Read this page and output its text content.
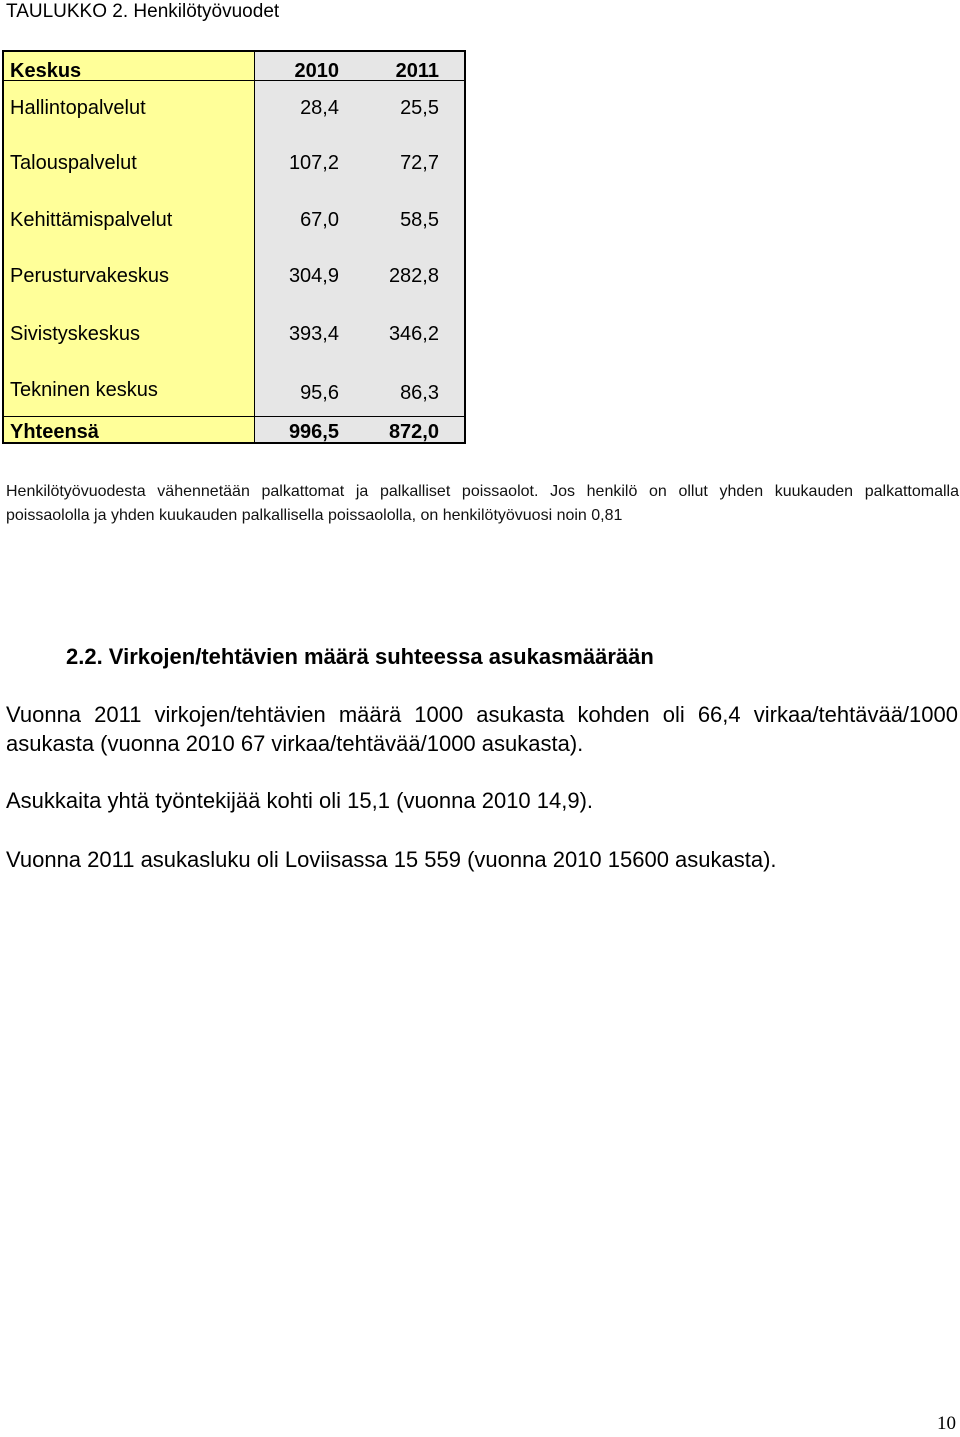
TAULUKKO 2. Henkilötyövuodet
Keskus	2010	2011
Hallintopalvelut	28,4	25,5
Talouspalvelut	107,2	72,7
Kehittämispalvelut	67,0	58,5
Perusturvakeskus	304,9	282,8
Sivistyskeskus	393,4	346,2
Tekninen keskus	95,6	86,3
Yhteensä	996,5	872,0
Henkilötyövuodesta vähennetään palkattomat ja palkalliset poissaolot. Jos henkilö on ollut yhden kuukauden palkattomalla poissaololla ja yhden kuukauden palkallisella poissaololla, on henkilötyövuosi noin 0,81
2.2. Virkojen/tehtävien määrä suhteessa asukasmäärään
Vuonna 2011 virkojen/tehtävien määrä 1000 asukasta kohden oli 66,4 virkaa/tehtävää/1000 asukasta (vuonna 2010 67 virkaa/tehtävää/1000 asukasta).
Asukkaita yhtä työntekijää kohti oli 15,1 (vuonna 2010 14,9).
Vuonna 2011 asukasluku oli Loviisassa 15 559 (vuonna 2010 15600 asukasta).
10
